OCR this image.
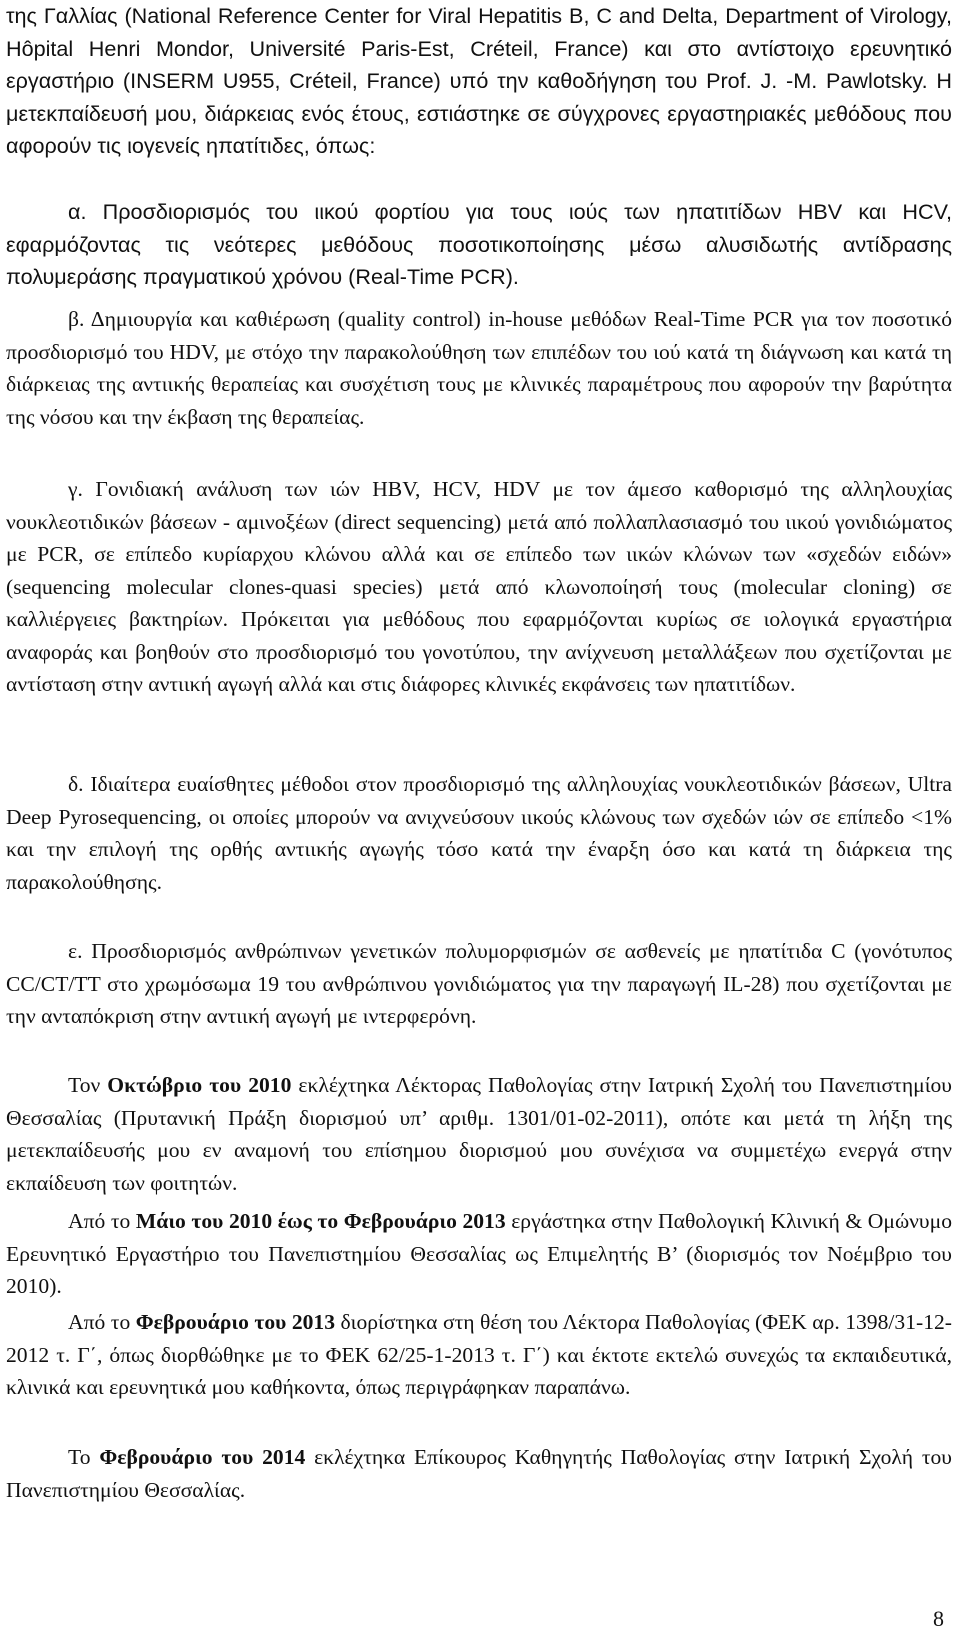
της Γαλλίας (National Reference Center for Viral Hepatitis B, C and Delta, Department of Virology, Hôpital Henri Mondor, Université Paris-Est, Créteil, France) και στο αντίστοιχο ερευνητικό εργαστήριο (INSERM U955, Créteil, France) υπό την καθοδήγηση του Prof. J. -M. Pawlotsky. Η μετεκπαίδευσή μου, διάρκειας ενός έτους, εστιάστηκε σε σύγχρονες εργαστηριακές μεθόδους που αφορούν τις ιογενείς ηπατίτιδες, όπως:

α. Προσδιορισμός του ιικού φορτίου για τους ιούς των ηπατιτίδων HBV και HCV, εφαρμόζοντας τις νεότερες μεθόδους ποσοτικοποίησης μέσω αλυσιδωτής αντίδρασης πολυμεράσης πραγματικού χρόνου (Real-Time PCR).

β. Δημιουργία και καθιέρωση (quality control) in-house μεθόδων Real-Time PCR για τον ποσοτικό προσδιορισμό του HDV, με στόχο την παρακολούθηση των επιπέδων του ιού κατά τη διάγνωση και κατά τη διάρκειας της αντιικής θεραπείας και συσχέτιση τους με κλινικές παραμέτρους που αφορούν την βαρύτητα της νόσου και την έκβαση της θεραπείας.

γ. Γονιδιακή ανάλυση των ιών HBV, HCV, HDV με τον άμεσο καθορισμό της αλληλουχίας νουκλεοτιδικών βάσεων - αμινοξέων (direct sequencing) μετά από πολλαπλασιασμό του ιικού γονιδιώματος με PCR, σε επίπεδο κυρίαρχου κλώνου αλλά και σε επίπεδο των ιικών κλώνων των «σχεδών ειδών» (sequencing molecular clones-quasi species) μετά από κλωνοποίησή τους (molecular cloning) σε καλλιέργειες βακτηρίων. Πρόκειται για μεθόδους που εφαρμόζονται κυρίως σε ιολογικά εργαστήρια αναφοράς και βοηθούν στο προσδιορισμό του γονοτύπου, την ανίχνευση μεταλλάξεων που σχετίζονται με αντίσταση στην αντιική αγωγή αλλά και στις διάφορες κλινικές εκφάνσεις των ηπατιτίδων.

δ. Ιδιαίτερα ευαίσθητες μέθοδοι στον προσδιορισμό της αλληλουχίας νουκλεοτιδικών βάσεων, Ultra Deep Pyrosequencing, οι οποίες μπορούν να ανιχνεύσουν ιικούς κλώνους των σχεδών ιών σε επίπεδο <1% και την επιλογή της ορθής αντιικής αγωγής τόσο κατά την έναρξη όσο και κατά τη διάρκεια της παρακολούθησης.

ε. Προσδιορισμός ανθρώπινων γενετικών πολυμορφισμών σε ασθενείς με ηπατίτιδα C (γονότυπος CC/CT/TT στο χρωμόσωμα 19 του ανθρώπινου γονιδιώματος για την παραγωγή IL-28) που σχετίζονται με την ανταπόκριση στην αντιική αγωγή με ιντερφερόνη.

Τον Οκτώβριο του 2010 εκλέχτηκα Λέκτορας Παθολογίας στην Ιατρική Σχολή του Πανεπιστημίου Θεσσαλίας (Πρυτανική Πράξη διορισμού υπ’ αριθμ. 1301/01-02-2011), οπότε και μετά τη λήξη της μετεκπαίδευσής μου εν αναμονή του επίσημου διορισμού μου συνέχισα να συμμετέχω ενεργά στην εκπαίδευση των φοιτητών.

Από το Μάιο του 2010 έως το Φεβρουάριο 2013 εργάστηκα στην Παθολογική Κλινική & Ομώνυμο Ερευνητικό Εργαστήριο του Πανεπιστημίου Θεσσαλίας ως Επιμελητής Β’ (διορισμός τον Νοέμβριο του 2010).

Από το Φεβρουάριο του 2013 διορίστηκα στη θέση του Λέκτορα Παθολογίας (ΦΕΚ αρ. 1398/31-12-2012 τ. Γ΄, όπως διορθώθηκε με το ΦΕΚ 62/25-1-2013 τ. Γ΄) και έκτοτε εκτελώ συνεχώς τα εκπαιδευτικά, κλινικά και ερευνητικά μου καθήκοντα, όπως περιγράφηκαν παραπάνω.

Το Φεβρουάριο του 2014 εκλέχτηκα Επίκουρος Καθηγητής Παθολογίας στην Ιατρική Σχολή του Πανεπιστημίου Θεσσαλίας.

8
